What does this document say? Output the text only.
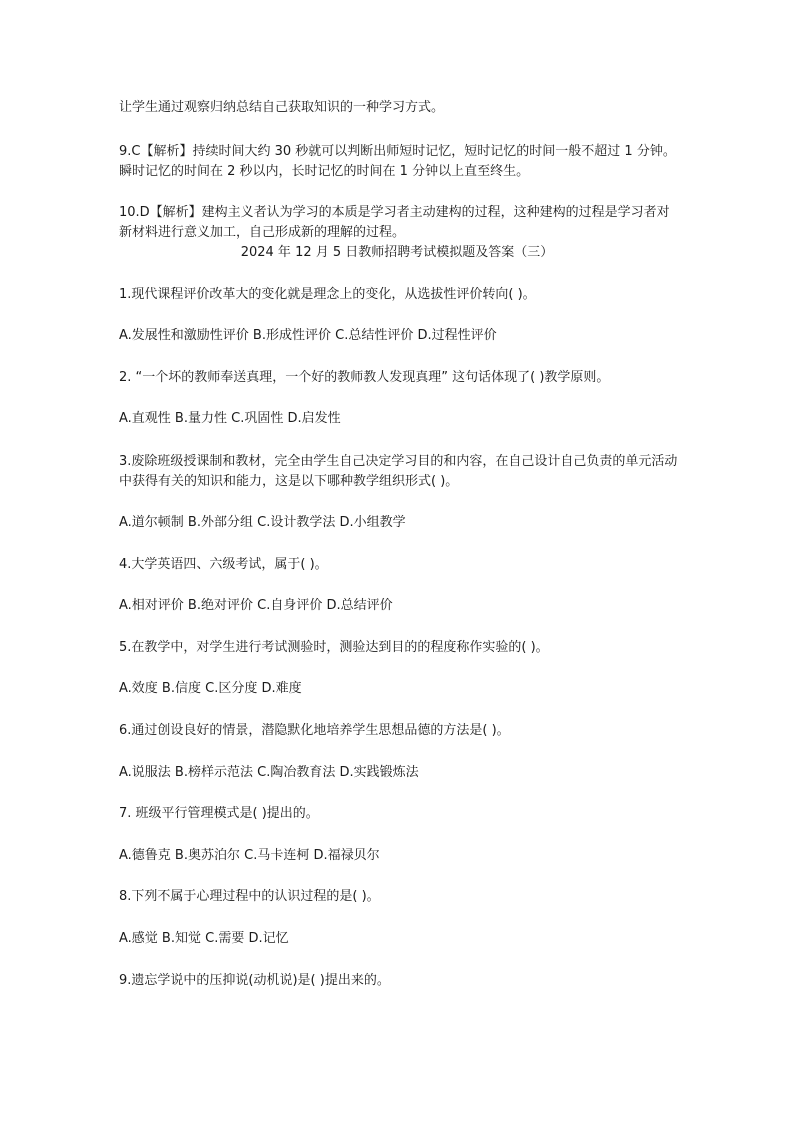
让学生通过观察归纳总结自己获取知识的一种学习方式。
9.C【解析】持续时间大约 30 秒就可以判断出师短时记忆，短时记忆的时间一般不超过 1 分钟。瞬时记忆的时间在 2 秒以内，长时记忆的时间在 1 分钟以上直至终生。
10.D【解析】建构主义者认为学习的本质是学习者主动建构的过程，这种建构的过程是学习者对新材料进行意义加工，自己形成新的理解的过程。
2024 年 12 月 5 日教师招聘考试模拟题及答案（三）
1.现代课程评价改革大的变化就是理念上的变化，从选拔性评价转向( )。
A.发展性和激励性评价 B.形成性评价 C.总结性评价 D.过程性评价
2. “一个坏的教师奉送真理，一个好的教师教人发现真理” 这句话体现了( )教学原则。
A.直观性 B.量力性 C.巩固性 D.启发性
3.废除班级授课制和教材，完全由学生自己决定学习目的和内容，在自己设计自己负责的单元活动中获得有关的知识和能力，这是以下哪种教学组织形式( )。
A.道尔顿制 B.外部分组 C.设计教学法 D.小组教学
4.大学英语四、六级考试，属于( )。
A.相对评价 B.绝对评价 C.自身评价 D.总结评价
5.在教学中，对学生进行考试测验时，测验达到目的的程度称作实验的( )。
A.效度 B.信度 C.区分度 D.难度
6.通过创设良好的情景，潜隐默化地培养学生思想品德的方法是( )。
A.说服法 B.榜样示范法 C.陶冶教育法 D.实践锻炼法
7. 班级平行管理模式是( )提出的。
A.德鲁克 B.奥苏泊尔 C.马卡连柯 D.福禄贝尔
8.下列不属于心理过程中的认识过程的是( )。
A.感觉 B.知觉 C.需要 D.记忆
9.遗忘学说中的压抑说(动机说)是( )提出来的。
